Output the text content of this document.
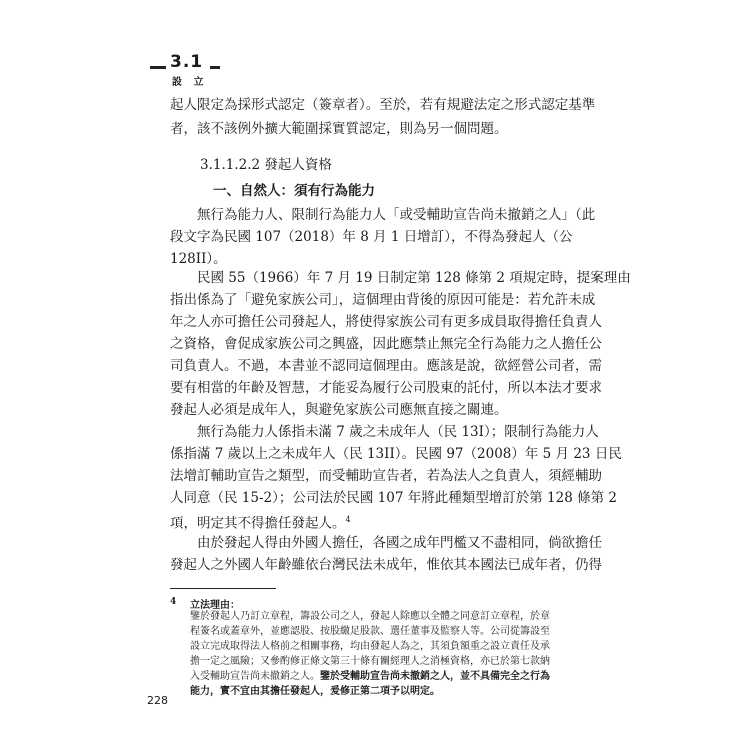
3.1
設 立
起人限定為採形式認定（簽章者）。至於，若有規避法定之形式認定基準
者，該不該例外擴大範圍採實質認定，則為另一個問題。
3.1.1.2.2 發起人資格
一、自然人：須有行為能力
　　無行為能力人、限制行為能力人「或受輔助宣告尚未撤銷之人」（此
段文字為民國 107（2018）年 8 月 1 日增訂），不得為發起人（公
128II）。
　　民國 55（1966）年 7 月 19 日制定第 128 條第 2 項規定時，提案理由
指出係為了「避免家族公司」，這個理由背後的原因可能是：若允許未成
年之人亦可擔任公司發起人，將使得家族公司有更多成員取得擔任負責人
之資格，會促成家族公司之興盛，因此應禁止無完全行為能力之人擔任公
司負責人。不過，本書並不認同這個理由。應該是說，欲經營公司者，需
要有相當的年齡及智慧，才能妥為履行公司股東的託付，所以本法才要求
發起人必須是成年人，與避免家族公司應無直接之關連。
　　無行為能力人係指未滿 7 歲之未成年人（民 13I）；限制行為能力人
係指滿 7 歲以上之未成年人（民 13II）。民國 97（2008）年 5 月 23 日民
法增訂輔助宣告之類型，而受輔助宣告者，若為法人之負責人，須經輔助
人同意（民 15-2）；公司法於民國 107 年將此種類型增訂於第 128 條第 2
項，明定其不得擔任發起人。$^4$
　　由於發起人得由外國人擔任，各國之成年門檻又不盡相同，倘欲擔任
發起人之外國人年齡雖依台灣民法未成年，惟依其本國法已成年者，仍得
4 立法理由：
鑒於發起人乃訂立章程，籌設公司之人，發起人除應以全體之同意訂立章程，於章
程簽名或蓋章外，並應認股、按股繳足股款、選任董事及監察人等。公司從籌設至
設立完成取得法人格前之相關事務，均由發起人為之，其須負額重之設立責任及承
擔一定之風險；又參酌修正條文第三十條有關經理人之消極資格，亦已於第七款納
入受輔助宣告尚未撤銷之人。鑒於受輔助宣告尚未撤銷之人，並不具備完全之行為
能力，實不宜由其擔任發起人，爰修正第二項予以明定。
228
